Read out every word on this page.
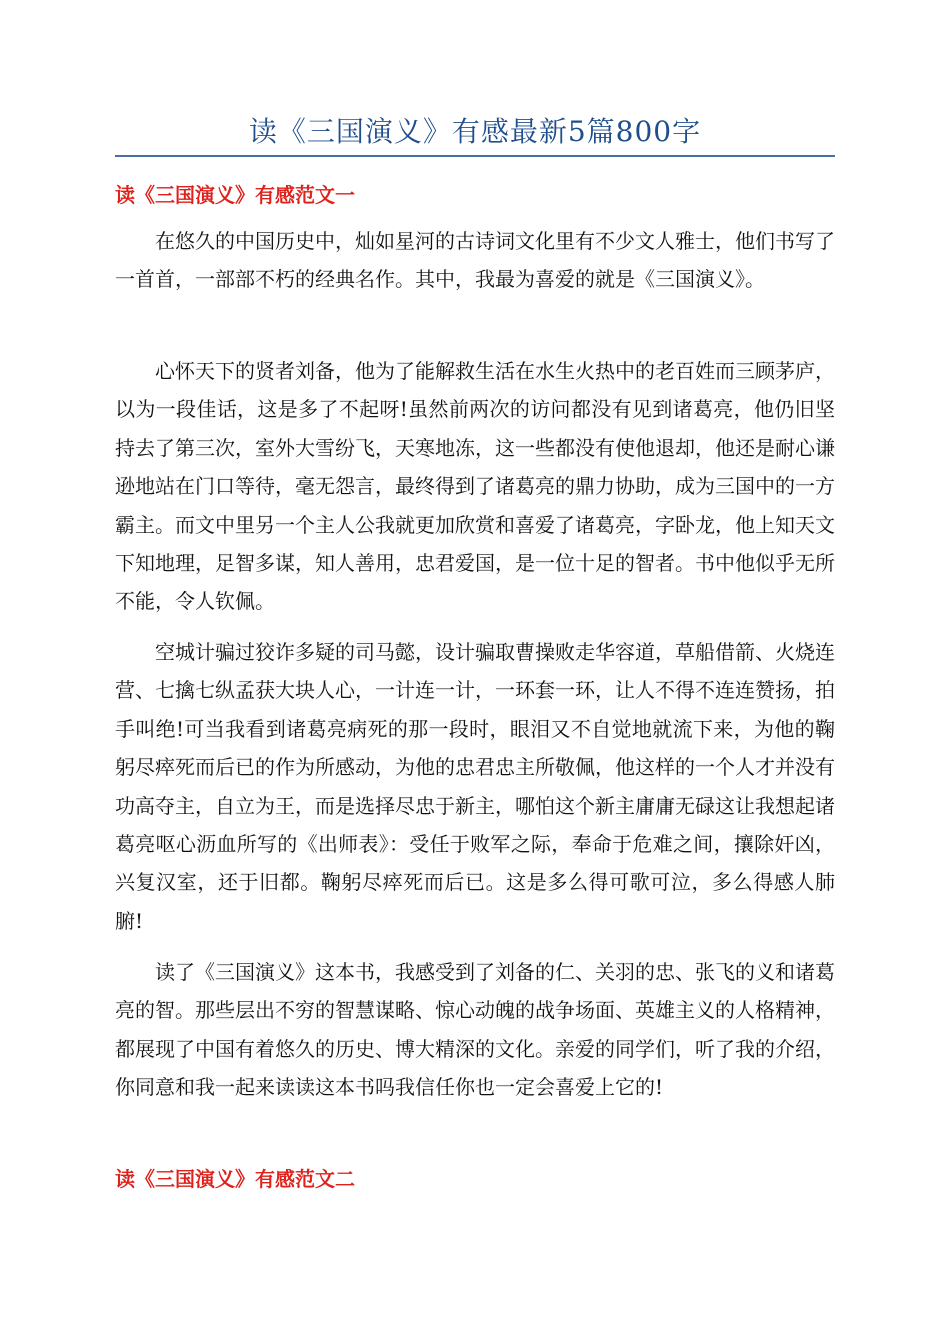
读《三国演义》有感最新5篇800字
读《三国演义》有感范文一

在悠久的中国历史中，灿如星河的古诗词文化里有不少文人雅士，他们书写了一首首，一部部不朽的经典名作。其中，我最为喜爱的就是《三国演义》。

心怀天下的贤者刘备，他为了能解救生活在水生火热中的老百姓而三顾茅庐，以为一段佳话，这是多了不起呀!虽然前两次的访问都没有见到诸葛亮，他仍旧坚持去了第三次，室外大雪纷飞，天寒地冻，这一些都没有使他退却，他还是耐心谦逊地站在门口等待，毫无怨言，最终得到了诸葛亮的鼎力协助，成为三国中的一方霸主。而文中里另一个主人公我就更加欣赏和喜爱了诸葛亮，字卧龙，他上知天文下知地理，足智多谋，知人善用，忠君爱国，是一位十足的智者。书中他似乎无所不能，令人钦佩。

空城计骗过狡诈多疑的司马懿，设计骗取曹操败走华容道，草船借箭、火烧连营、七擒七纵孟获大块人心，一计连一计，一环套一环，让人不得不连连赞扬，拍手叫绝!可当我看到诸葛亮病死的那一段时，眼泪又不自觉地就流下来，为他的鞠躬尽瘁死而后已的作为所感动，为他的忠君忠主所敬佩，他这样的一个人才并没有功高夺主，自立为王，而是选择尽忠于新主，哪怕这个新主庸庸无碌这让我想起诸葛亮呕心沥血所写的《出师表》：受任于败军之际，奉命于危难之间，攘除奸凶，兴复汉室，还于旧都。鞠躬尽瘁死而后已。这是多么得可歌可泣，多么得感人肺腑!

读了《三国演义》这本书，我感受到了刘备的仁、关羽的忠、张飞的义和诸葛亮的智。那些层出不穷的智慧谋略、惊心动魄的战争场面、英雄主义的人格精神，都展现了中国有着悠久的历史、博大精深的文化。亲爱的同学们，听了我的介绍，你同意和我一起来读读这本书吗我信任你也一定会喜爱上它的!

读《三国演义》有感范文二
